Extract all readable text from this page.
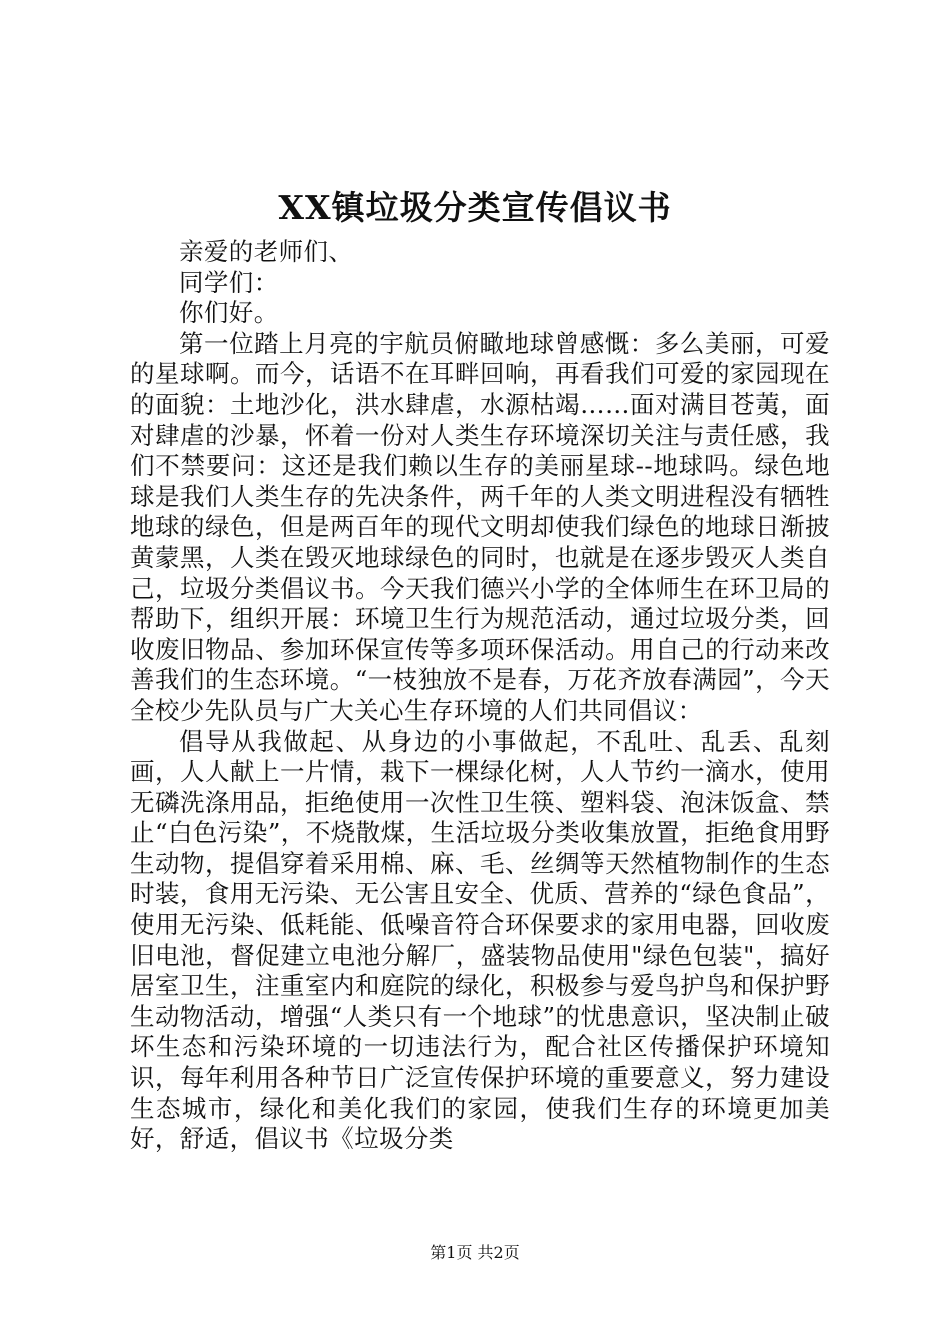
XX镇垃圾分类宣传倡议书
亲爱的老师们、
同学们：
你们好。

第一位踏上月亮的宇航员俯瞰地球曾感慨：多么美丽，可爱的星球啊。而今，话语不在耳畔回响，再看我们可爱的家园现在的面貌：土地沙化，洪水肆虐，水源枯竭……面对满目苍荑，面对肆虐的沙暴，怀着一份对人类生存环境深切关注与责任感，我们不禁要问：这还是我们赖以生存的美丽星球--地球吗。绿色地球是我们人类生存的先决条件，两千年的人类文明进程没有牺牲地球的绿色，但是两百年的现代文明却使我们绿色的地球日渐披黄蒙黑，人类在毁灭地球绿色的同时，也就是在逐步毁灭人类自己，垃圾分类倡议书。今天我们德兴小学的全体师生在环卫局的帮助下，组织开展：环境卫生行为规范活动，通过垃圾分类，回收废旧物品、参加环保宣传等多项环保活动。用自己的行动来改善我们的生态环境。“一枝独放不是春，万花齐放春满园”，今天全校少先队员与广大关心生存环境的人们共同倡议：

倡导从我做起、从身边的小事做起，不乱吐、乱丢、乱刻画，人人献上一片情，栽下一棵绿化树，人人节约一滴水，使用无磷洗涤用品，拒绝使用一次性卫生筷、塑料袋、泡沫饭盒、禁止“白色污染”，不烧散煤，生活垃圾分类收集放置，拒绝食用野生动物，提倡穿着采用棉、麻、毛、丝绸等天然植物制作的生态时装，食用无污染、无公害且安全、优质、营养的“绿色食品”，使用无污染、低耗能、低噪音符合环保要求的家用电器，回收废旧电池，督促建立电池分解厂，盛装物品使用"绿色包装"，搞好居室卫生，注重室内和庭院的绿化，积极参与爱鸟护鸟和保护野生动物活动，增强“人类只有一个地球”的忧患意识，坚决制止破坏生态和污染环境的一切违法行为，配合社区传播保护环境知识，每年利用各种节日广泛宣传保护环境的重要意义，努力建设生态城市，绿化和美化我们的家园，使我们生存的环境更加美好，舒适，倡议书《垃圾分类

第1页 共2页
